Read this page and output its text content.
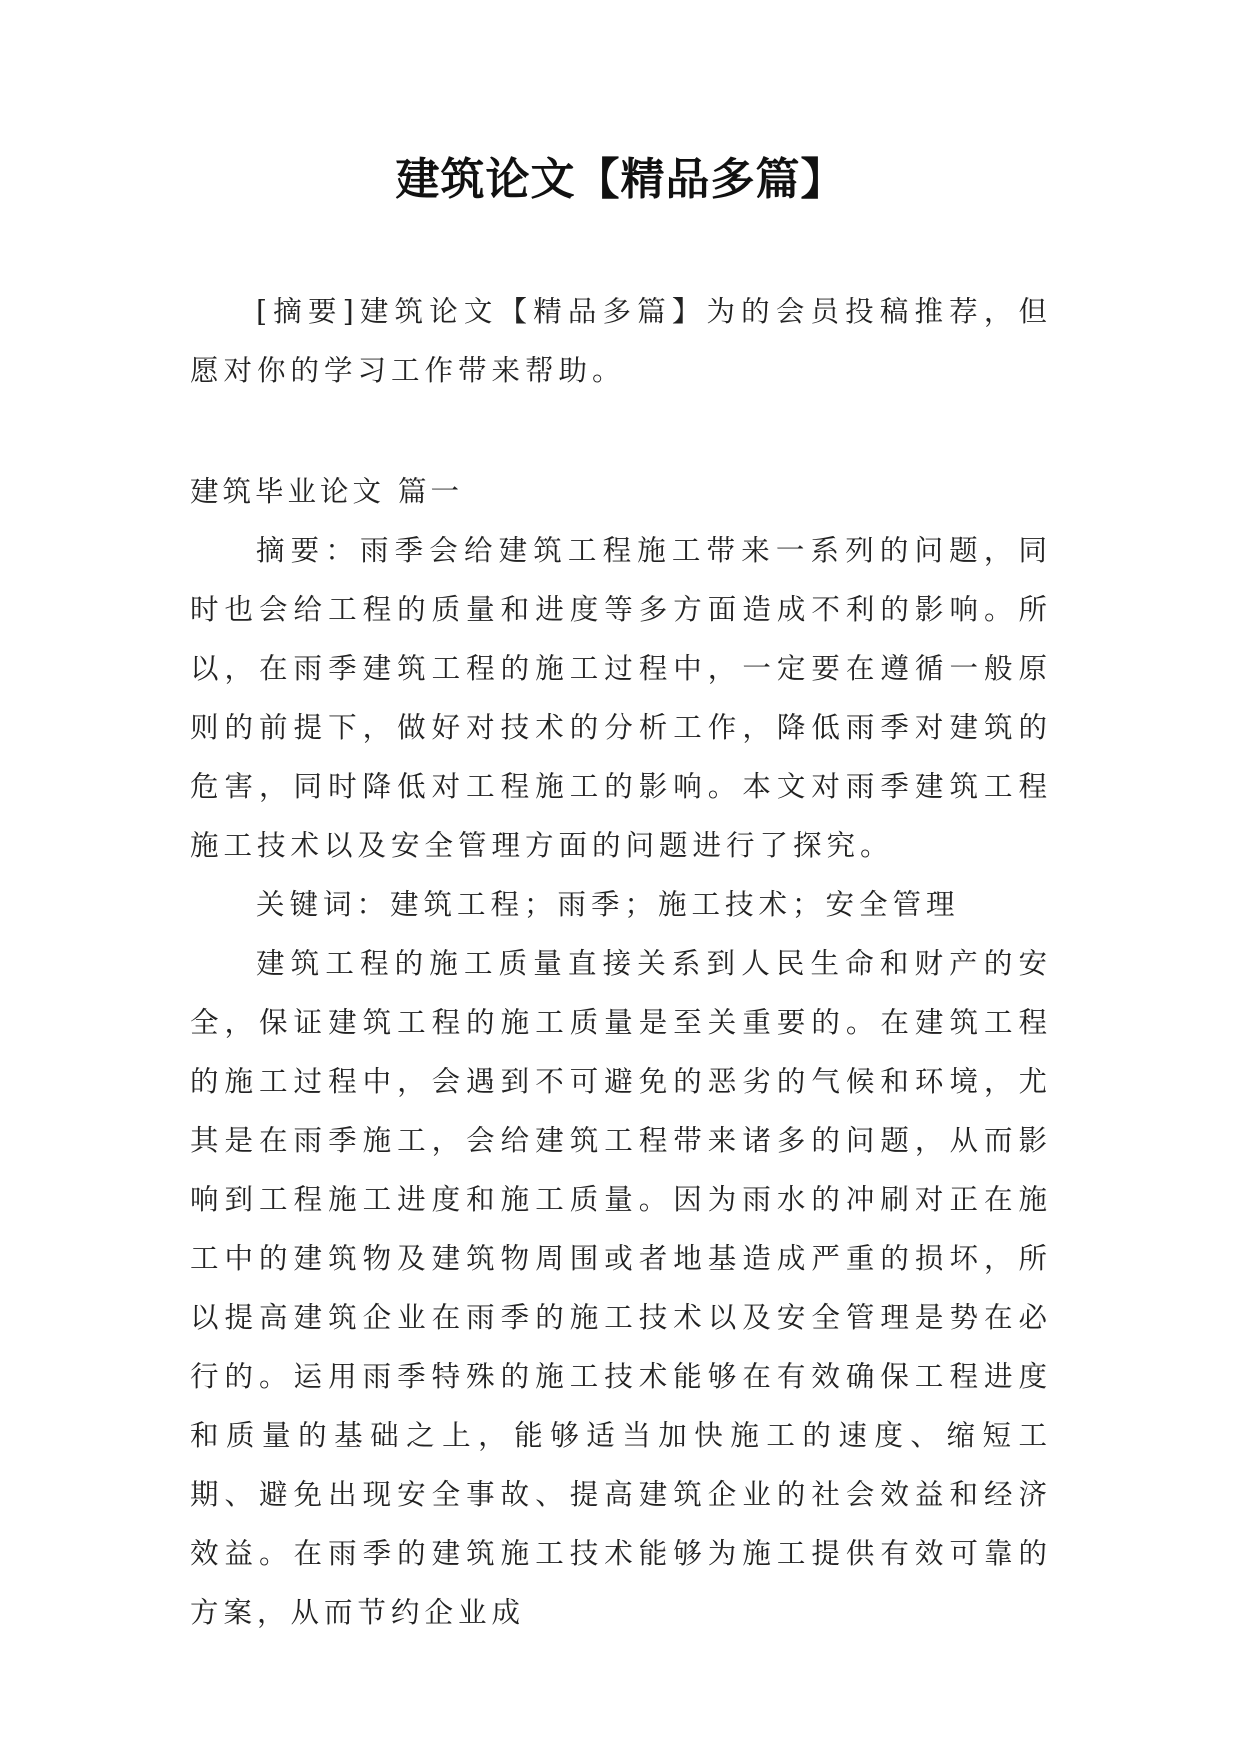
建筑论文【精品多篇】

[摘要]建筑论文【精品多篇】为的会员投稿推荐，但愿对你的学习工作带来帮助。

建筑毕业论文 篇一

摘要：雨季会给建筑工程施工带来一系列的问题，同时也会给工程的质量和进度等多方面造成不利的影响。所以，在雨季建筑工程的施工过程中，一定要在遵循一般原则的前提下，做好对技术的分析工作，降低雨季对建筑的危害，同时降低对工程施工的影响。本文对雨季建筑工程施工技术以及安全管理方面的问题进行了探究。

关键词：建筑工程；雨季；施工技术；安全管理

建筑工程的施工质量直接关系到人民生命和财产的安全，保证建筑工程的施工质量是至关重要的。在建筑工程的施工过程中，会遇到不可避免的恶劣的气候和环境，尤其是在雨季施工，会给建筑工程带来诸多的问题，从而影响到工程施工进度和施工质量。因为雨水的冲刷对正在施工中的建筑物及建筑物周围或者地基造成严重的损坏，所以提高建筑企业在雨季的施工技术以及安全管理是势在必行的。运用雨季特殊的施工技术能够在有效确保工程进度和质量的基础之上，能够适当加快施工的速度、缩短工期、避免出现安全事故、提高建筑企业的社会效益和经济效益。在雨季的建筑施工技术能够为施工提供有效可靠的方案，从而节约企业成
